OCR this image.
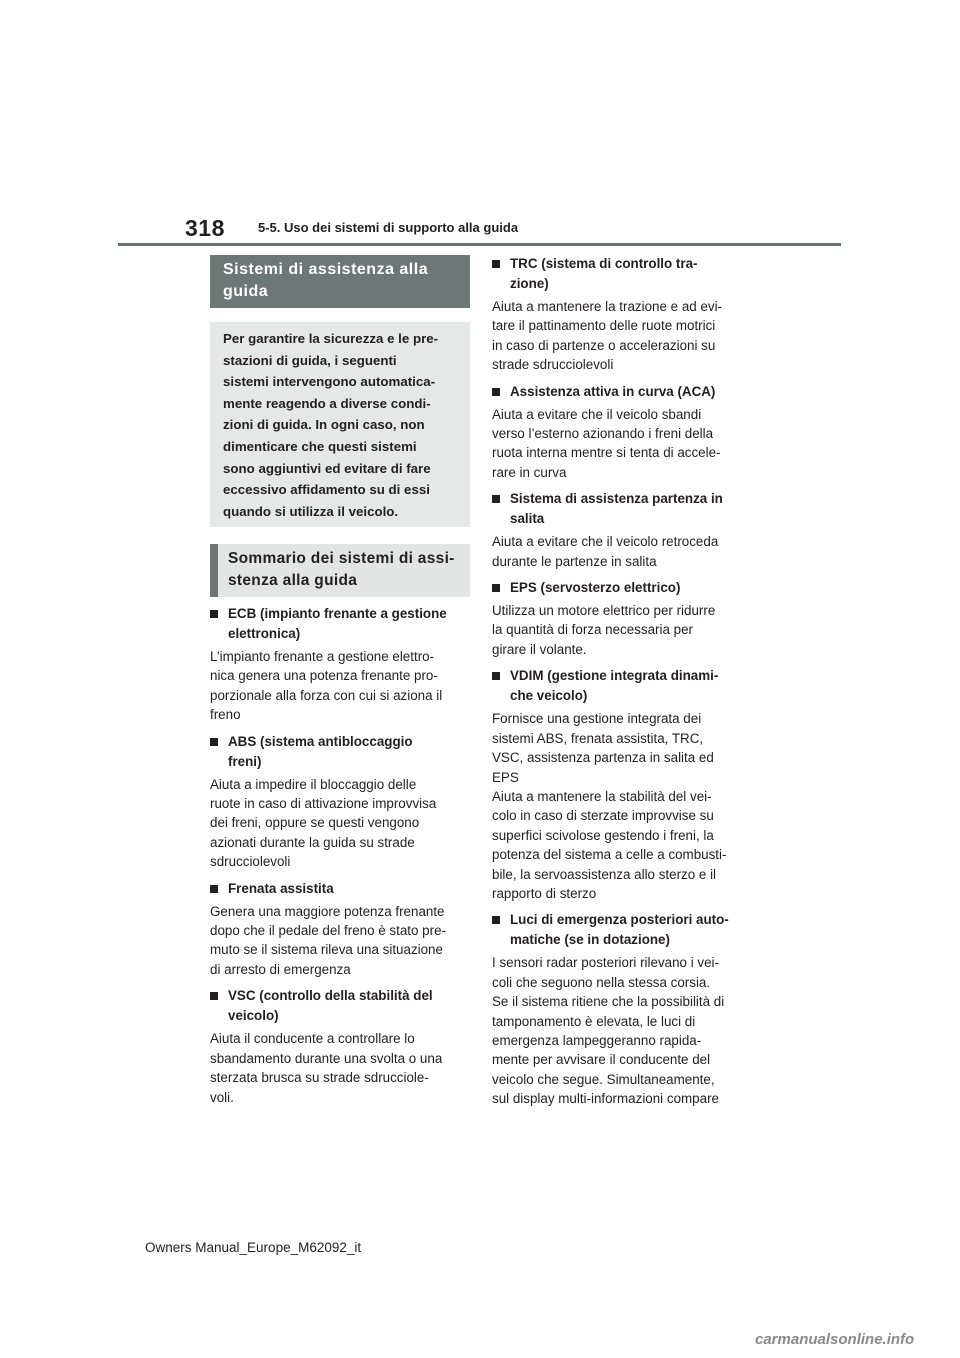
318	5-5. Uso dei sistemi di supporto alla guida
Sistemi di assistenza alla guida
Per garantire la sicurezza e le pre-
stazioni di guida, i seguenti
sistemi intervengono automatica-
mente reagendo a diverse condi-
zioni di guida. In ogni caso, non
dimenticare che questi sistemi
sono aggiuntivi ed evitare di fare
eccessivo affidamento su di essi
quando si utilizza il veicolo.
Sommario dei sistemi di assi-
stenza alla guida
ECB (impianto frenante a gestione
elettronica)
L’impianto frenante a gestione elettro-
nica genera una potenza frenante pro-
porzionale alla forza con cui si aziona il
freno
ABS (sistema antibloccaggio
freni)
Aiuta a impedire il bloccaggio delle
ruote in caso di attivazione improvvisa
dei freni, oppure se questi vengono
azionati durante la guida su strade
sdrucciolevoli
Frenata assistita
Genera una maggiore potenza frenante
dopo che il pedale del freno è stato pre-
muto se il sistema rileva una situazione
di arresto di emergenza
VSC (controllo della stabilità del
veicolo)
Aiuta il conducente a controllare lo
sbandamento durante una svolta o una
sterzata brusca su strade sdrucciole-
voli.
TRC (sistema di controllo tra-
zione)
Aiuta a mantenere la trazione e ad evi-
tare il pattinamento delle ruote motrici
in caso di partenze o accelerazioni su
strade sdrucciolevoli
Assistenza attiva in curva (ACA)
Aiuta a evitare che il veicolo sbandi
verso l’esterno azionando i freni della
ruota interna mentre si tenta di accele-
rare in curva
Sistema di assistenza partenza in
salita
Aiuta a evitare che il veicolo retroceda
durante le partenze in salita
EPS (servosterzo elettrico)
Utilizza un motore elettrico per ridurre
la quantità di forza necessaria per
girare il volante.
VDIM (gestione integrata dinami-
che veicolo)
Fornisce una gestione integrata dei
sistemi ABS, frenata assistita, TRC,
VSC, assistenza partenza in salita ed
EPS
Aiuta a mantenere la stabilità del vei-
colo in caso di sterzate improvvise su
superfici scivolose gestendo i freni, la
potenza del sistema a celle a combusti-
bile, la servoassistenza allo sterzo e il
rapporto di sterzo
Luci di emergenza posteriori auto-
matiche (se in dotazione)
I sensori radar posteriori rilevano i vei-
coli che seguono nella stessa corsia.
Se il sistema ritiene che la possibilità di
tamponamento è elevata, le luci di
emergenza lampeggeranno rapida-
mente per avvisare il conducente del
veicolo che segue. Simultaneamente,
sul display multi-informazioni compare
Owners Manual_Europe_M62092_it
carmanualsonline.info
